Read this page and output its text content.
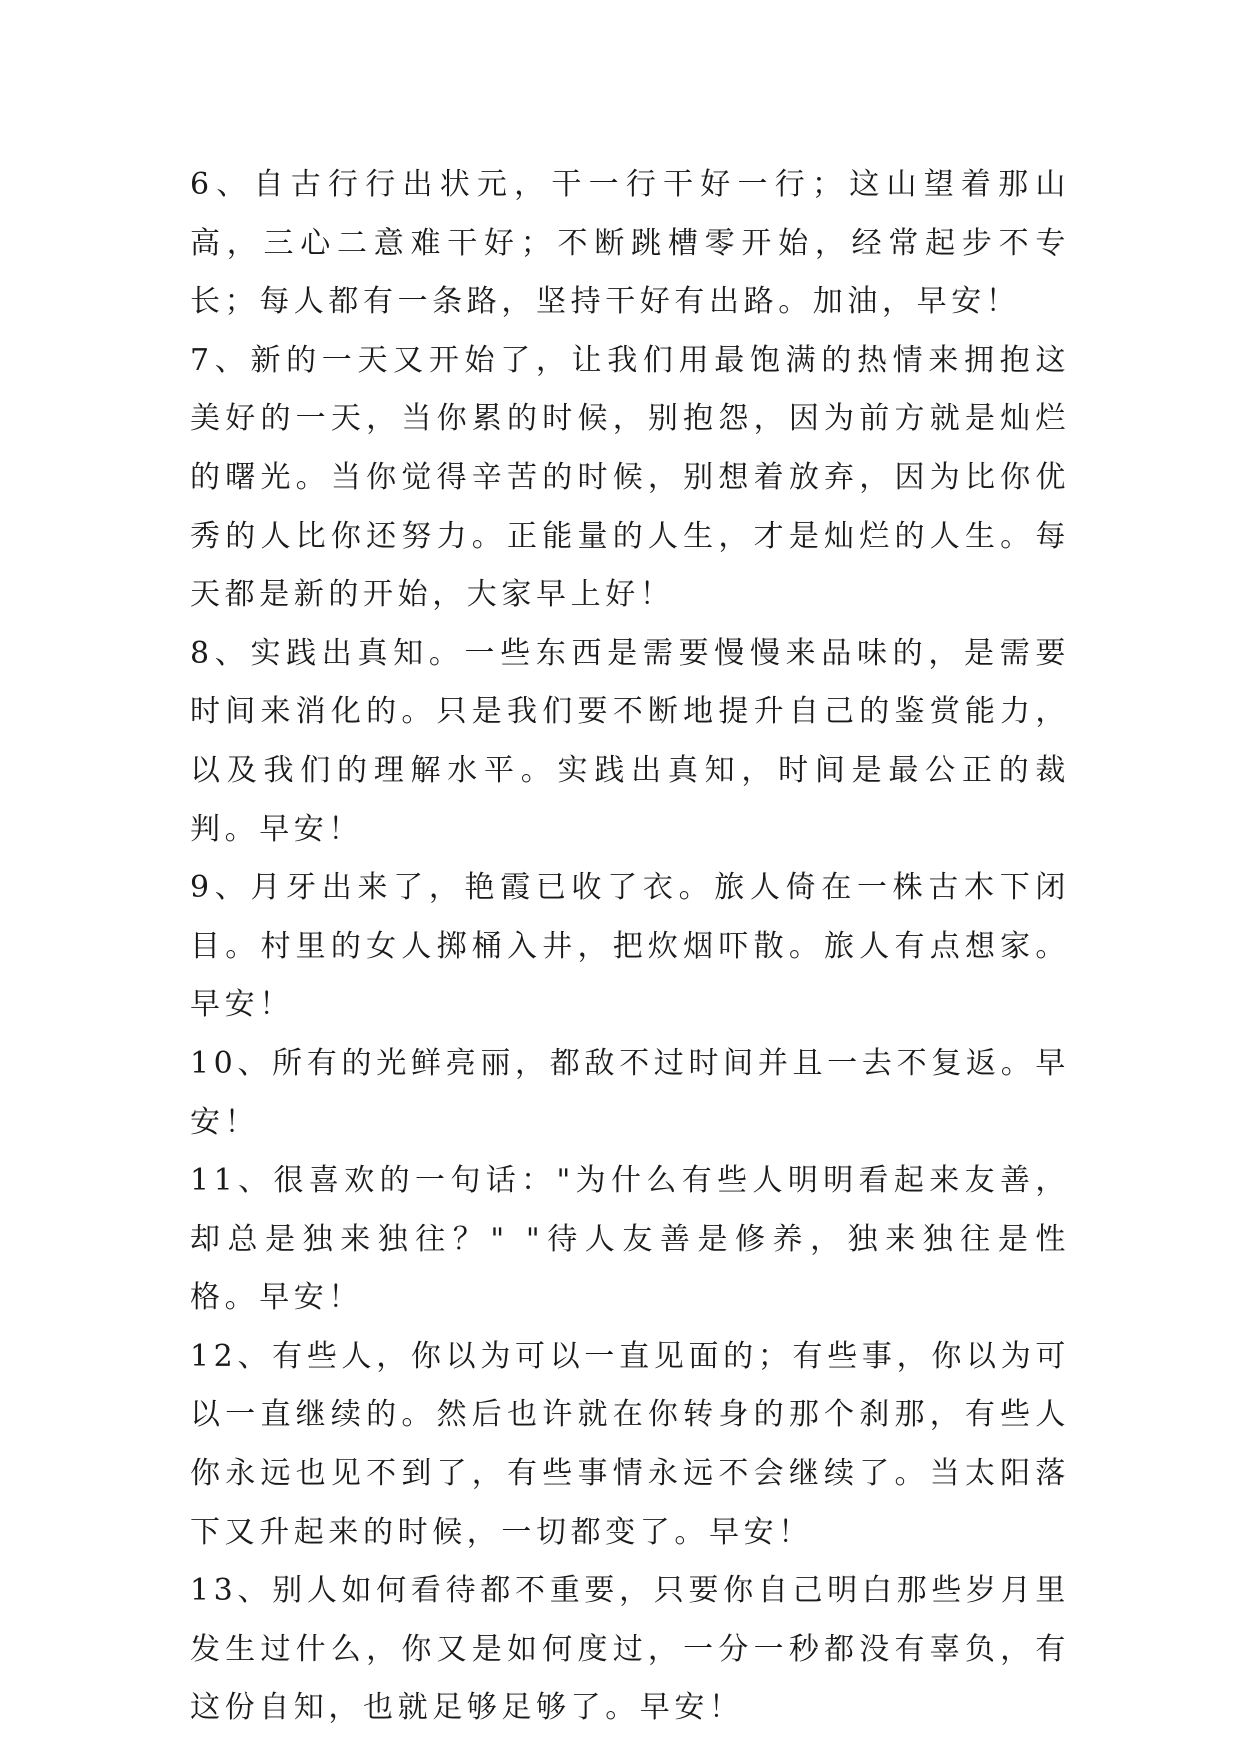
6、自古行行出状元，干一行干好一行；这山望着那山高，三心二意难干好；不断跳槽零开始，经常起步不专长；每人都有一条路，坚持干好有出路。加油，早安！

7、新的一天又开始了，让我们用最饱满的热情来拥抱这美好的一天，当你累的时候，别抱怨，因为前方就是灿烂的曙光。当你觉得辛苦的时候，别想着放弃，因为比你优秀的人比你还努力。正能量的人生，才是灿烂的人生。每天都是新的开始，大家早上好！

8、实践出真知。一些东西是需要慢慢来品味的，是需要时间来消化的。只是我们要不断地提升自己的鉴赏能力，以及我们的理解水平。实践出真知，时间是最公正的裁判。早安！

9、月牙出来了，艳霞已收了衣。旅人倚在一株古木下闭目。村里的女人掷桶入井，把炊烟吓散。旅人有点想家。早安！

10、所有的光鲜亮丽，都敌不过时间并且一去不复返。早安！

11、很喜欢的一句话："为什么有些人明明看起来友善，却总是独来独往？" "待人友善是修养，独来独往是性格。早安！

12、有些人，你以为可以一直见面的；有些事，你以为可以一直继续的。然后也许就在你转身的那个刹那，有些人你永远也见不到了，有些事情永远不会继续了。当太阳落下又升起来的时候，一切都变了。早安！

13、别人如何看待都不重要，只要你自己明白那些岁月里发生过什么，你又是如何度过，一分一秒都没有辜负，有这份自知，也就足够足够了。早安！
